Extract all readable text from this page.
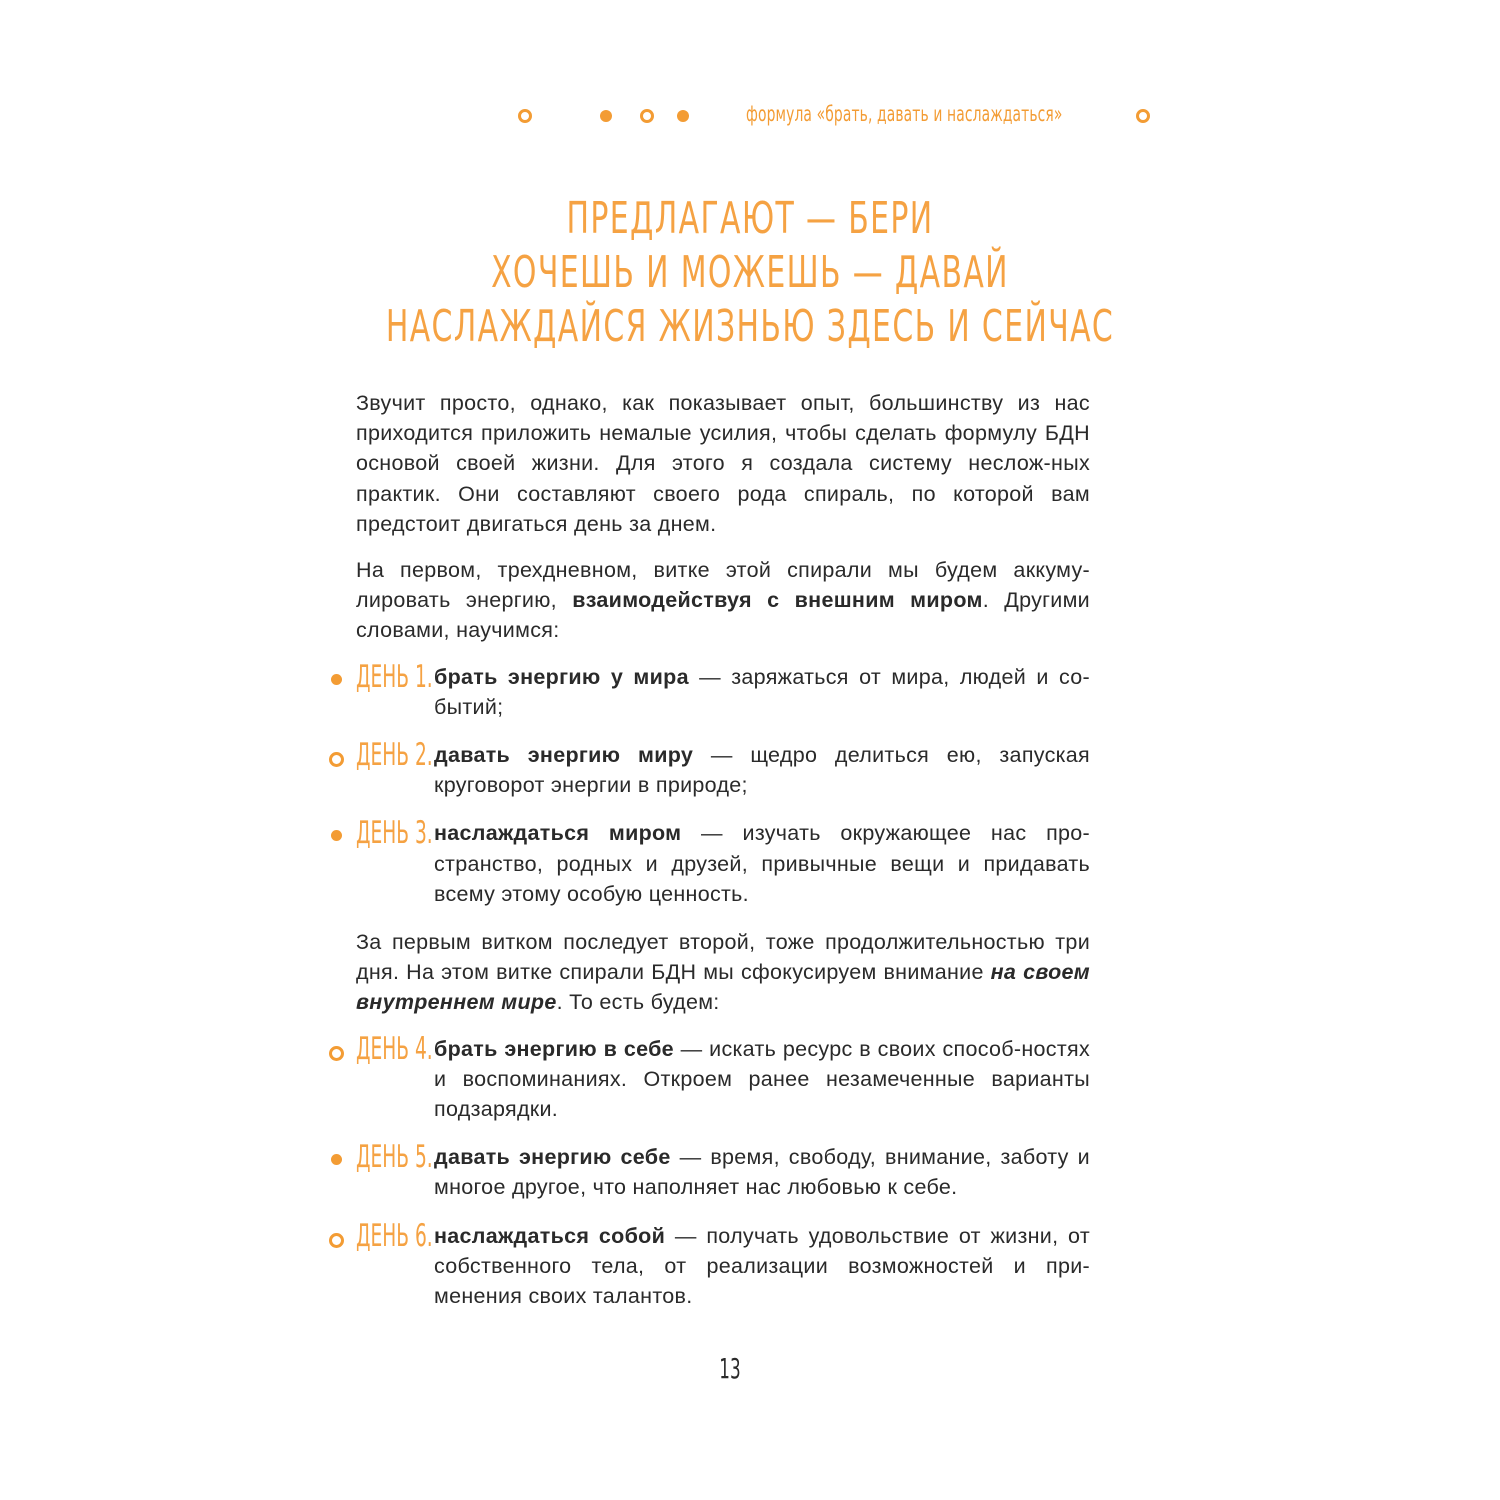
формула «брать, давать и наслаждаться»
ПРЕДЛАГАЮТ — БЕРИ
ХОЧЕШЬ И МОЖЕШЬ — ДАВАЙ
НАСЛАЖДАЙСЯ ЖИЗНЬЮ ЗДЕСЬ И СЕЙЧАС

Звучит просто, однако, как показывает опыт, большинству из нас приходится приложить немалые усилия, чтобы сделать формулу БДН основой своей жизни. Для этого я создала систему неслож-ных практик. Они составляют своего рода спираль, по которой вам предстоит двигаться день за днем.

На первом, трехдневном, витке этой спирали мы будем аккуму-лировать энергию, взаимодействуя с внешним миром. Другими словами, научимся:

ДЕНЬ 1. брать энергию у мира — заряжаться от мира, людей и со-бытий;
ДЕНЬ 2. давать энергию миру — щедро делиться ею, запуская круговорот энергии в природе;
ДЕНЬ 3. наслаждаться миром — изучать окружающее нас про-странство, родных и друзей, привычные вещи и придавать всему этому особую ценность.

За первым витком последует второй, тоже продолжительностью три дня. На этом витке спирали БДН мы сфокусируем внимание на своем внутреннем мире. То есть будем:

ДЕНЬ 4. брать энергию в себе — искать ресурс в своих способ-ностях и воспоминаниях. Откроем ранее незамеченные варианты подзарядки.
ДЕНЬ 5. давать энергию себе — время, свободу, внимание, заботу и многое другое, что наполняет нас любовью к себе.
ДЕНЬ 6. наслаждаться собой — получать удовольствие от жизни, от собственного тела, от реализации возможностей и при-менения своих талантов.
13
